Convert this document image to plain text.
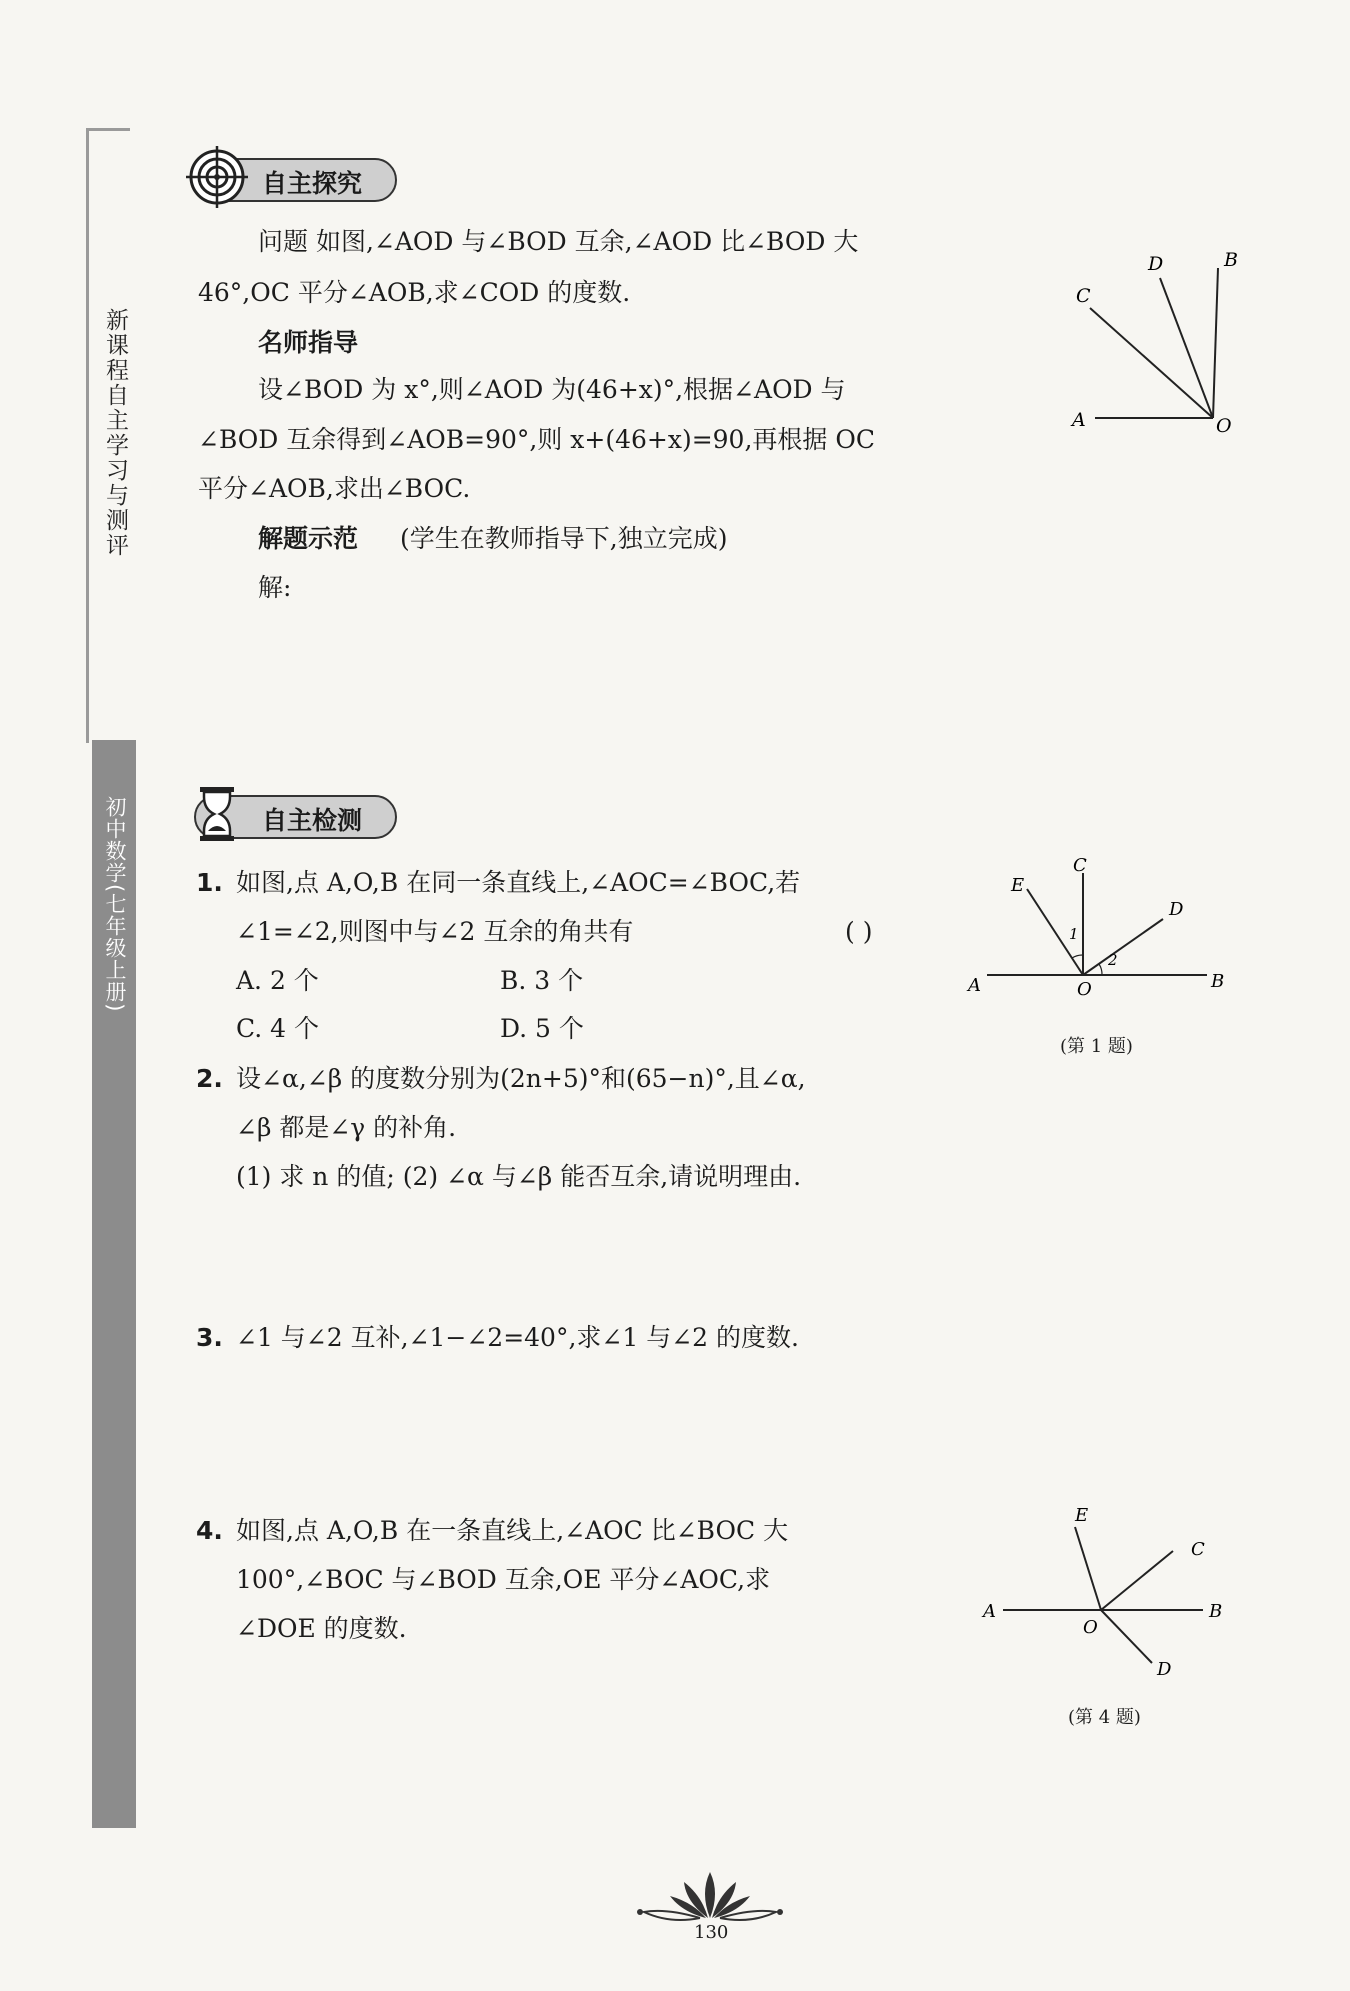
新课程自主学习与测评
初中数学(七年级上册)
自主探究
问题 如图,∠AOD 与∠BOD 互余,∠AOD 比∠BOD 大
46°,OC 平分∠AOB,求∠COD 的度数.
名师指导
设∠BOD 为 x°,则∠AOD 为(46+x)°,根据∠AOD 与
∠BOD 互余得到∠AOB=90°,则 x+(46+x)=90,再根据 OC
平分∠AOB,求出∠BOC.
解题示范 (学生在教师指导下,独立完成)
解:
A	O
B
D
C
自主检测
1. 如图,点 A,O,B 在同一条直线上,∠AOC=∠BOC,若
∠1=∠2,则图中与∠2 互余的角共有	( )
A. 2 个	B. 3 个
C. 4 个	D. 5 个
A	O	B
C
E
D
1
2
(第 1 题)
2. 设∠α,∠β 的度数分别为(2n+5)°和(65−n)°,且∠α,
∠β 都是∠γ 的补角.
(1) 求 n 的值; (2) ∠α 与∠β 能否互余,请说明理由.
3. ∠1 与∠2 互补,∠1−∠2=40°,求∠1 与∠2 的度数.
4. 如图,点 A,O,B 在一条直线上,∠AOC 比∠BOC 大
100°,∠BOC 与∠BOD 互余,OE 平分∠AOC,求
∠DOE 的度数.
A
O
B
E
C
D
(第 4 题)
130
